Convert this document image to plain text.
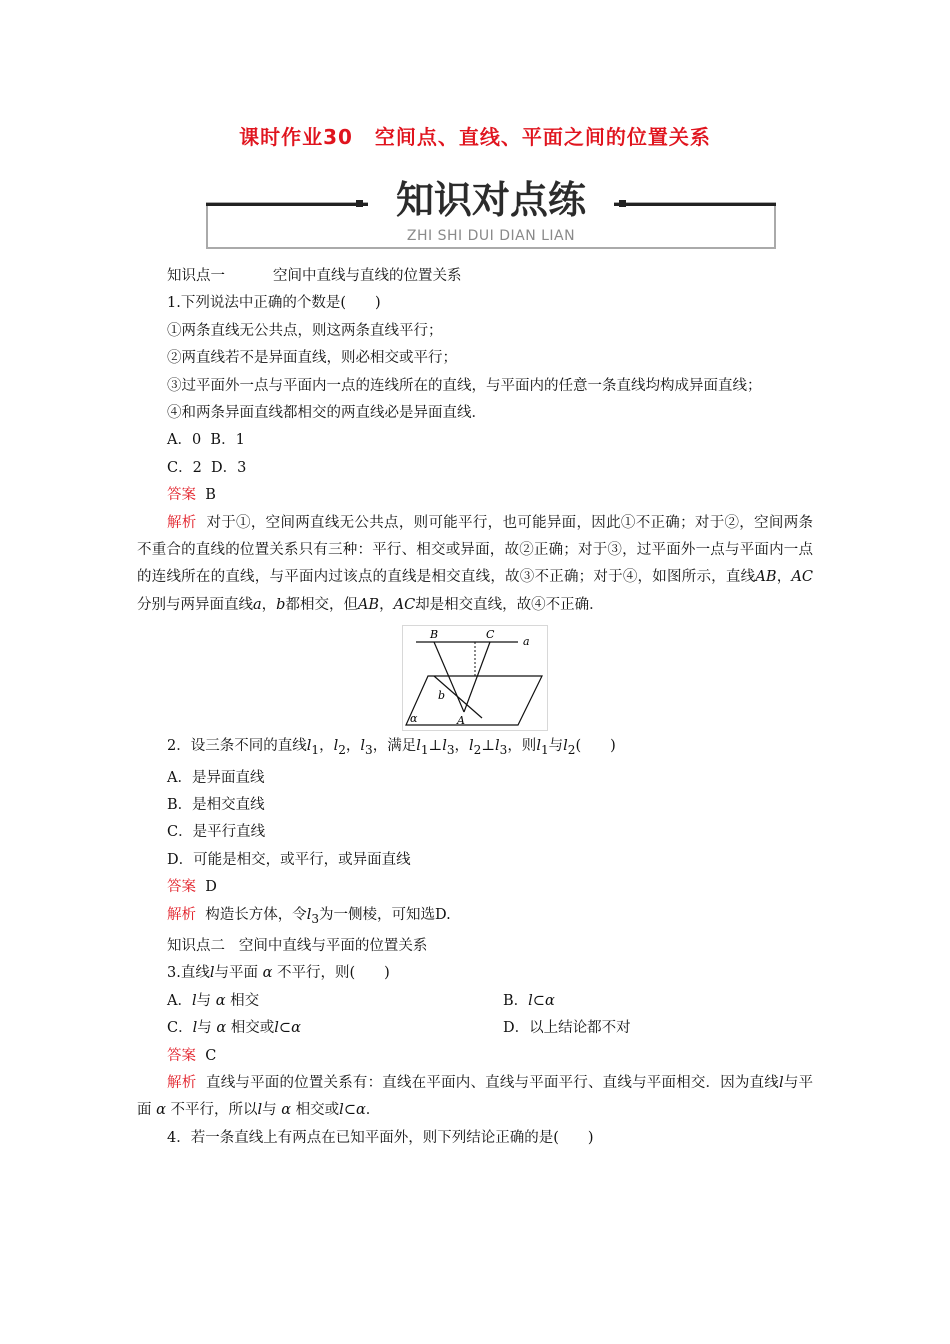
课时作业30 空间点、直线、平面之间的位置关系
知识对点练
ZHI SHI DUI DIAN LIAN
知识点一	空间中直线与直线的位置关系
1.下列说法中正确的个数是(　　)
①两条直线无公共点，则这两条直线平行；
②两直线若不是异面直线，则必相交或平行；
③过平面外一点与平面内一点的连线所在的直线，与平面内的任意一条直线均构成异面直线；
④和两条异面直线都相交的两直线必是异面直线．
A．0 B．1
C．2 D．3
答案 B
解析 对于①，空间两直线无公共点，则可能平行，也可能异面，因此①不正确；对于②，空间两条不重合的直线的位置关系只有三种：平行、相交或异面，故②正确；对于③，过平面外一点与平面内一点的连线所在的直线，与平面内过该点的直线是相交直线，故③不正确；对于④，如图所示，直线AB，AC分别与两异面直线a，b都相交，但AB，AC却是相交直线，故④不正确．
B	C
a
b
A
α
2．设三条不同的直线$l_1$，$l_2$，$l_3$，满足$l_1\perp l_3$，$l_2\perp l_3$，则$l_1$与$l_2$(　　)
A．是异面直线
B．是相交直线
C．是平行直线
D．可能是相交，或平行，或异面直线
答案 D
解析 构造长方体，令$l_3$为一侧棱，可知选D.
知识点二 空间中直线与平面的位置关系
3.直线l与平面 α 不平行，则(　　)
A．l与 α 相交	B．l⊂α
C．l与 α 相交或l⊂α	D．以上结论都不对
答案 C
解析 直线与平面的位置关系有：直线在平面内、直线与平面平行、直线与平面相交．因为直线l与平面 α 不平行，所以l与 α 相交或l⊂α．
4．若一条直线上有两点在已知平面外，则下列结论正确的是(　　)
